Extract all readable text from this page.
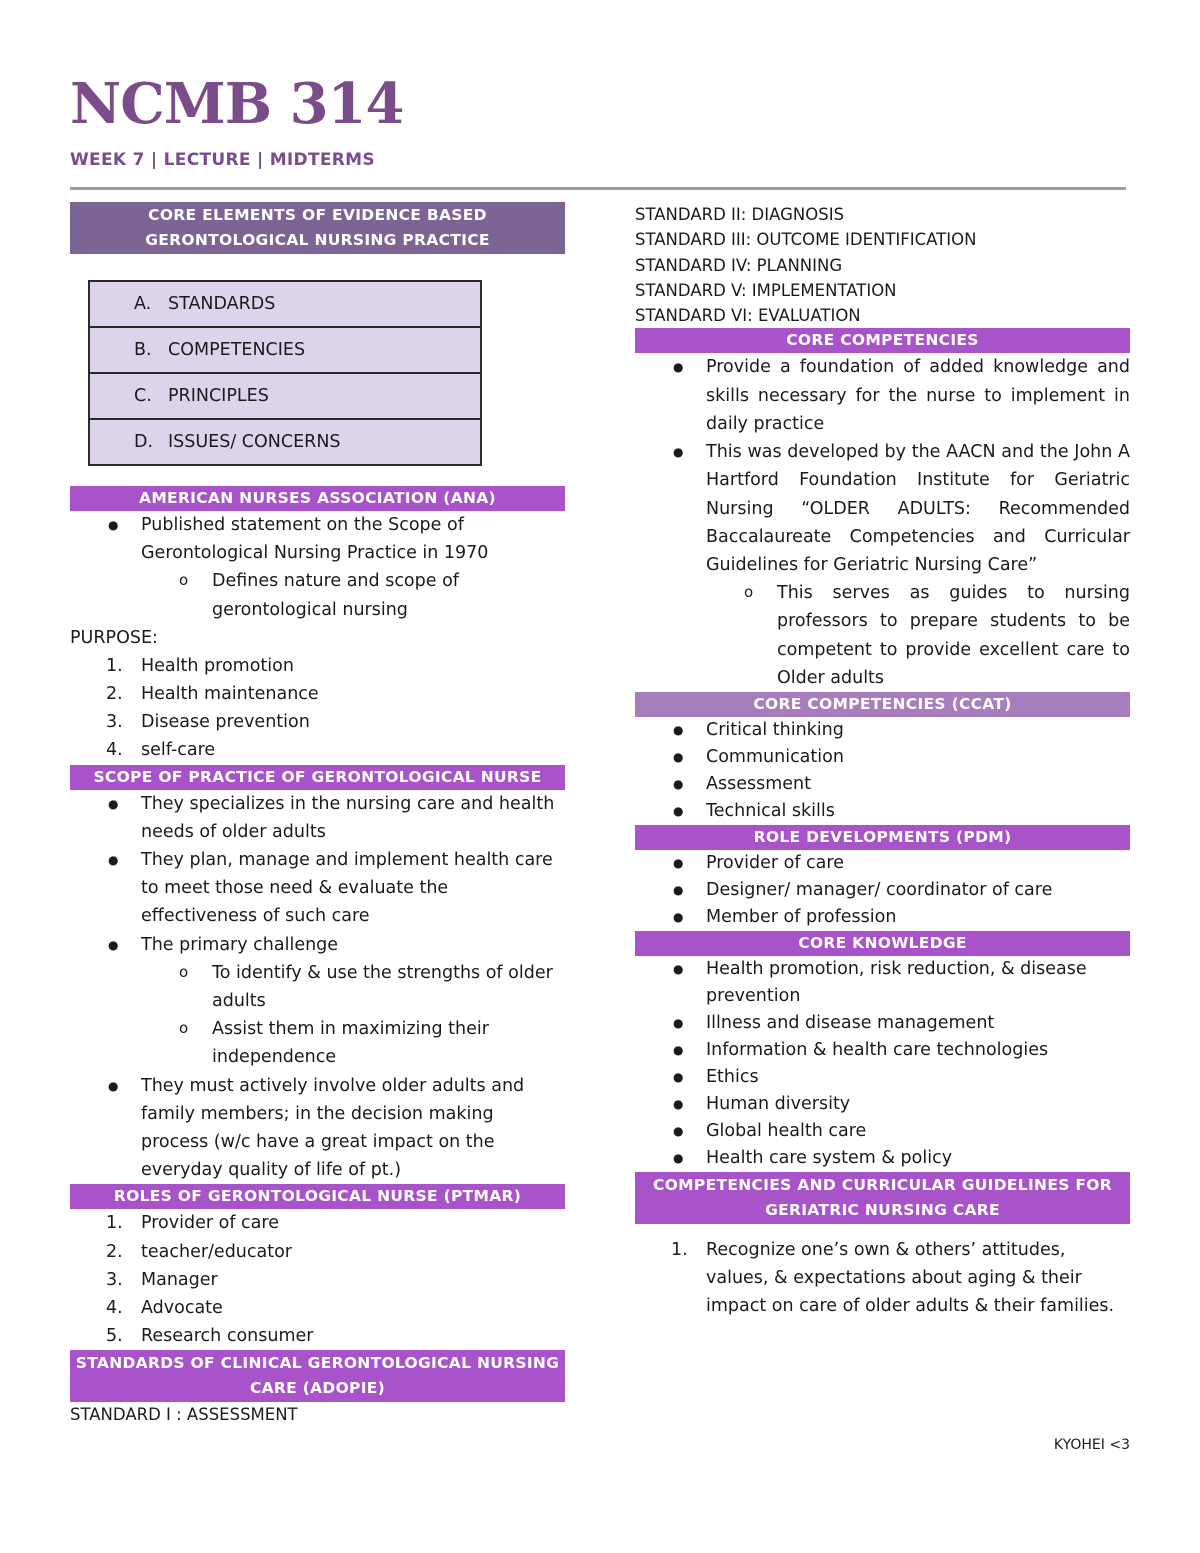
NCMB 314
WEEK 7 | LECTURE | MIDTERMS
CORE ELEMENTS OF EVIDENCE BASED GERONTOLOGICAL NURSING PRACTICE
A. STANDARDS
B. COMPETENCIES
C. PRINCIPLES
D. ISSUES/ CONCERNS
AMERICAN NURSES ASSOCIATION (ANA)
● Published statement on the Scope of Gerontological Nursing Practice in 1970
o Defines nature and scope of gerontological nursing
PURPOSE:
1. Health promotion
2. Health maintenance
3. Disease prevention
4. self-care
SCOPE OF PRACTICE OF GERONTOLOGICAL NURSE
● They specializes in the nursing care and health needs of older adults
● They plan, manage and implement health care to meet those need & evaluate the effectiveness of such care
● The primary challenge
o To identify & use the strengths of older adults
o Assist them in maximizing their independence
● They must actively involve older adults and family members; in the decision making process (w/c have a great impact on the everyday quality of life of pt.)
ROLES OF GERONTOLOGICAL NURSE (PTMAR)
1. Provider of care
2. teacher/educator
3. Manager
4. Advocate
5. Research consumer
STANDARDS OF CLINICAL GERONTOLOGICAL NURSING CARE (ADOPIE)
STANDARD I : ASSESSMENT
STANDARD II: DIAGNOSIS
STANDARD III: OUTCOME IDENTIFICATION
STANDARD IV: PLANNING
STANDARD V: IMPLEMENTATION
STANDARD VI: EVALUATION
CORE COMPETENCIES
● Provide a foundation of added knowledge and skills necessary for the nurse to implement in daily practice
● This was developed by the AACN and the John A Hartford Foundation Institute for Geriatric Nursing “OLDER ADULTS: Recommended Baccalaureate Competencies and Curricular Guidelines for Geriatric Nursing Care”
o This serves as guides to nursing professors to prepare students to be competent to provide excellent care to Older adults
CORE COMPETENCIES (CCAT)
● Critical thinking
● Communication
● Assessment
● Technical skills
ROLE DEVELOPMENTS (PDM)
● Provider of care
● Designer/ manager/ coordinator of care
● Member of profession
CORE KNOWLEDGE
● Health promotion, risk reduction, & disease prevention
● Illness and disease management
● Information & health care technologies
● Ethics
● Human diversity
● Global health care
● Health care system & policy
COMPETENCIES AND CURRICULAR GUIDELINES FOR GERIATRIC NURSING CARE
1. Recognize one’s own & others’ attitudes, values, & expectations about aging & their impact on care of older adults & their families.
KYOHEI <3
